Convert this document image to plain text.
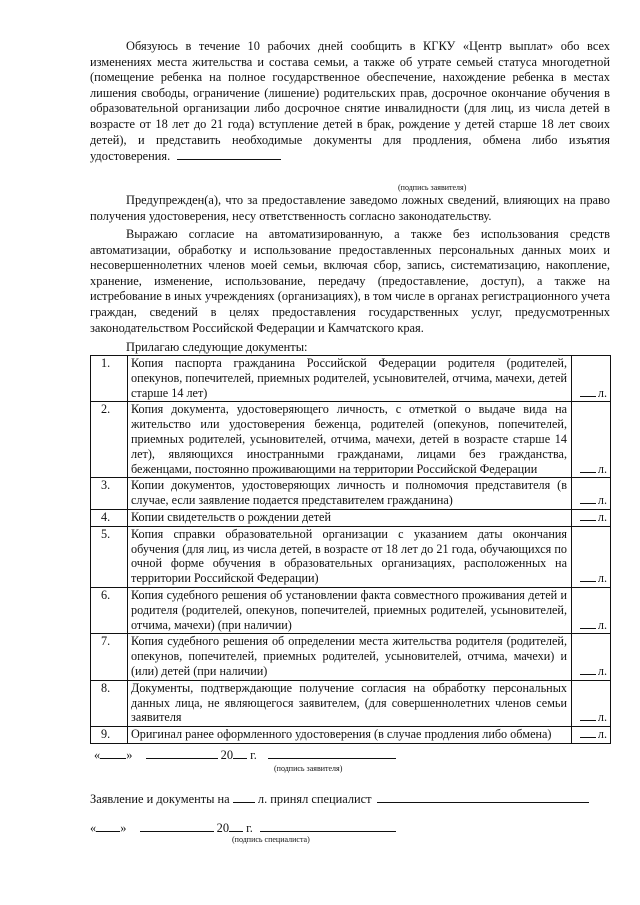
Обязуюсь в течение 10 рабочих дней сообщить в КГКУ «Центр выплат» обо всех изменениях места жительства и состава семьи, а также об утрате семьей статуса многодетной (помещение ребенка на полное государственное обеспечение, нахождение ребенка в местах лишения свободы, ограничение (лишение) родительских прав, досрочное окончание обучения в образовательной организации либо досрочное снятие инвалидности (для лиц, из числа детей в возрасте от 18 лет до 21 года) вступление детей в брак, рождение у детей старше 18 лет своих детей), и представить необходимые документы для продления, обмена либо изъятия удостоверения.

(подпись заявителя)

Предупрежден(а), что за предоставление заведомо ложных сведений, влияющих на право получения удостоверения, несу ответственность согласно законодательству.

Выражаю согласие на автоматизированную, а также без использования средств автоматизации, обработку и использование предоставленных персональных данных моих и несовершеннолетних членов моей семьи, включая сбор, запись, систематизацию, накопление, хранение, изменение, использование, передачу (предоставление, доступ), а также на истребование в иных учреждениях (организациях), в том числе в органах регистрационного учета граждан, сведений в целях предоставления государственных услуг, предусмотренных законодательством Российской Федерации и Камчатского края.

Прилагаю следующие документы:
1.	Копия паспорта гражданина Российской Федерации родителя (родителей, опекунов, попечителей, приемных родителей, усыновителей, отчима, мачехи, детей старше 14 лет)	л.
2.	Копия документа, удостоверяющего личность, с отметкой о выдаче вида на жительство или удостоверения беженца, родителей (опекунов, попечителей, приемных родителей, усыновителей, отчима, мачехи, детей в возрасте старше 14 лет), являющихся иностранными гражданами, лицами без гражданства, беженцами, постоянно проживающими на территории Российской Федерации	л.
3.	Копии документов, удостоверяющих личность и полномочия представителя (в случае, если заявление подается представителем гражданина)	л.
4.	Копии свидетельств о рождении детей	л.
5.	Копия справки образовательной организации с указанием даты окончания обучения (для лиц, из числа детей, в возрасте от 18 лет до 21 года, обучающихся по очной форме обучения в образовательных организациях, расположенных на территории Российской Федерации)	л.
6.	Копия судебного решения об установлении факта совместного проживания детей и родителя (родителей, опекунов, попечителей, приемных родителей, усыновителей, отчима, мачехи) (при наличии)	л.
7.	Копия судебного решения об определении места жительства родителя (родителей, опекунов, попечителей, приемных родителей, усыновителей, отчима, мачехи) и (или) детей (при наличии)	л.
8.	Документы, подтверждающие получение согласия на обработку персональных данных лица, не являющегося заявителем, (для совершеннолетних членов семьи заявителя	л.
9.	Оригинал ранее оформленного удостоверения (в случае продления либо обмена)	л.
« »	20 г.
(подпись заявителя)
Заявление и документы на л. принял специалист
« »	20 г.
(подпись специалиста)
